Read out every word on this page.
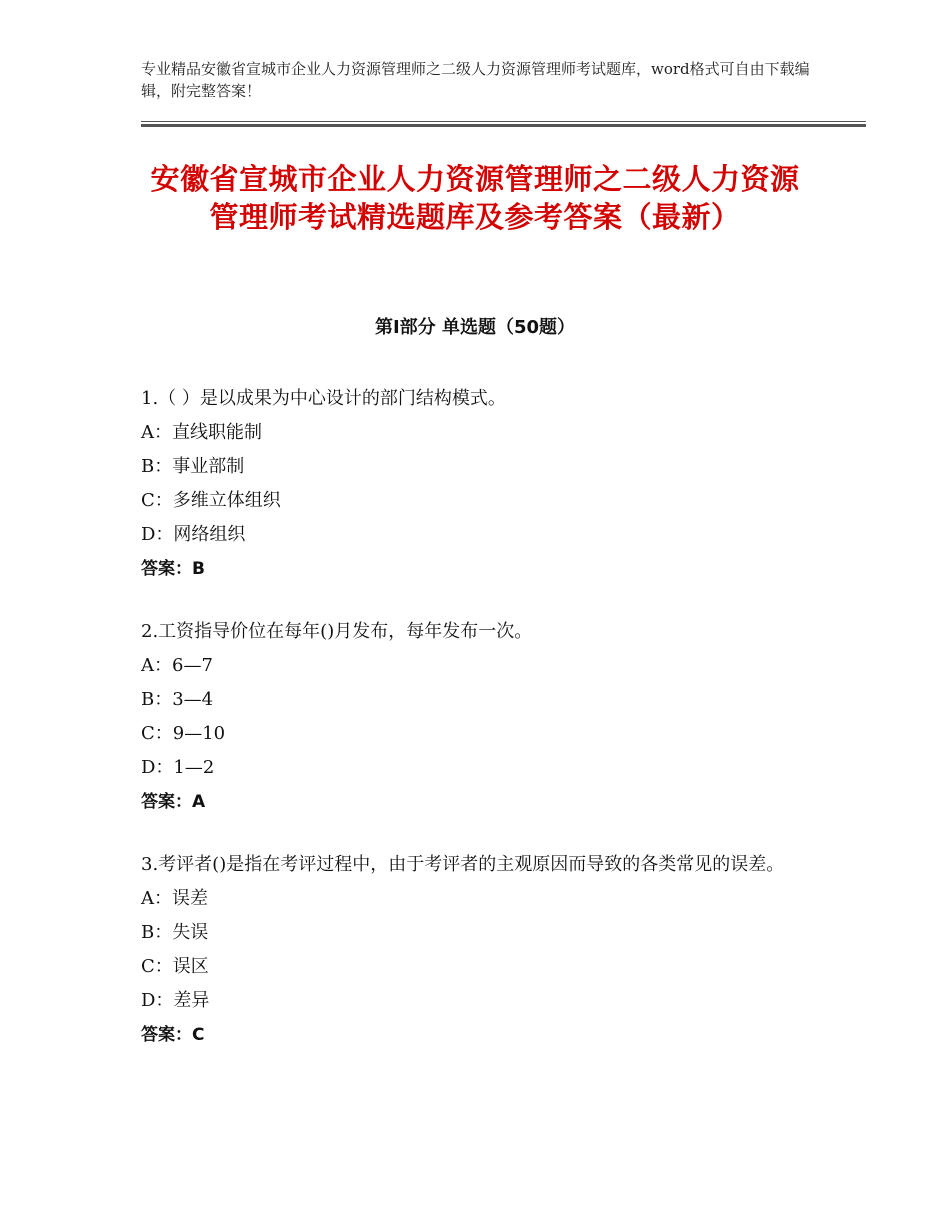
专业精品安徽省宣城市企业人力资源管理师之二级人力资源管理师考试题库，word格式可自由下载编辑，附完整答案！
安徽省宣城市企业人力资源管理师之二级人力资源管理师考试精选题库及参考答案（最新）
第Ⅰ部分 单选题（50题）

1.（ ）是以成果为中心设计的部门结构模式。

A：直线职能制

B：事业部制

C：多维立体组织

D：网络组织

答案：B

2.工资指导价位在每年()月发布，每年发布一次。

A：6—7

B：3—4

C：9—10

D：1—2

答案：A

3.考评者()是指在考评过程中，由于考评者的主观原因而导致的各类常见的误差。

A：误差

B：失误

C：误区

D：差异

答案：C
